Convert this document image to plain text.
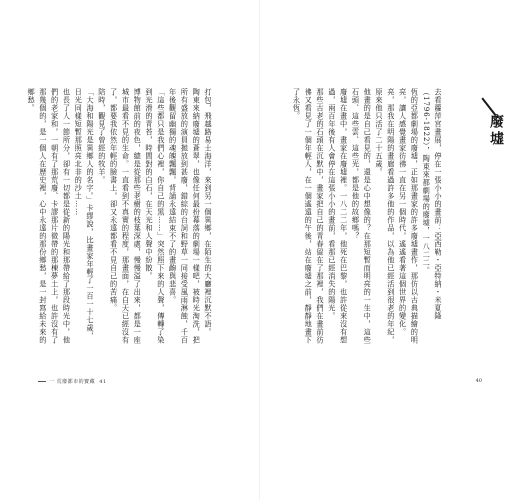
打包，飛越路易士海洋，來到另一個異鄉，在陌生的大廳裡沉默不語。
陶東來納廢墟的蒼翠，也像任何最扮幕落的劇場一樣吧，被時光淘洗，把所有盛放的演員拋放到甚廢，錯綜的台詞和野草一同接受風雨淋蝕，千百年後觀留幽獨的魂魄飄飄，背誦永遠結束不了的畫齣與悲喜。
「這些都只是我們心裡，你自己的黑……」突然照下來的人聲，傳轉了染到光滑的青苔，時間對的白石，在天光和人聲中紛散。
博物館前的夜色，總是從那些老樹的枝葉深處，慢慢溢了出來，都是一座城市最看不見的生命。一直看到不真實的程度，那畫面，在白天已經沒有了，都要我依然年輕的臉書上，卻又永遠都看不見自己的苦痛。
陪時，觀見了曾經的牧羊。
「大海和陽光是異鄉人的名字。」卡繆說，比畫家年輕了一百一十七歲，
日光同樣短暫那照亮北非的沙土……
也長了人一節所分，卻有一切都是從新的陽光和那帶給了那段時光中，他們的老家和，一朝有了那荒廢、卡謬那片微帶的那棟夢土上，也許沒有了那幾個的，是一個人在歷史裡，心中永遠的那份鄉愁，是一封寫給未來的鄉愁。
一 荒廢都市的寶藏 41
廢墟
去看蘿萍宮畫展，停在一張小小的畫前：亞西勒・亞特納・米夏隆（1796-1822），陶東來都劇場的廢墟，一八二二。
恆的亞都劇場的廢墟，正如那畫家的許多廢墟畫作，那仿以古典描繪的明亮，讓人感覺畫家彷彿一直在另一個時代，遙遙看著這個世界的變化。
亮，那我在明陽的畫廊看過許多他的作品，以為他已經活到很老的年紀，原來他只活了二十五歲。
他畫的是自己看見的，還是心中想像的？在那短暫而明亮的一生中，這些石頭、這些雲、這些光，都是他的故鄉嗎？
廢墟在畫中，畫家在廢墟裡。一八二二年，他死在巴黎，也許從來沒有想過，兩百年後有人會停在這張小小的畫前，看那已經消失的陽光。
那些古老的石頭在沉默中，畫家把自己的青春留在了那裡，我們在畫前彷彿又看見了一個年輕人，在一個遙遠的午後，站在廢墟之前，靜靜地畫下了永恆。
40
